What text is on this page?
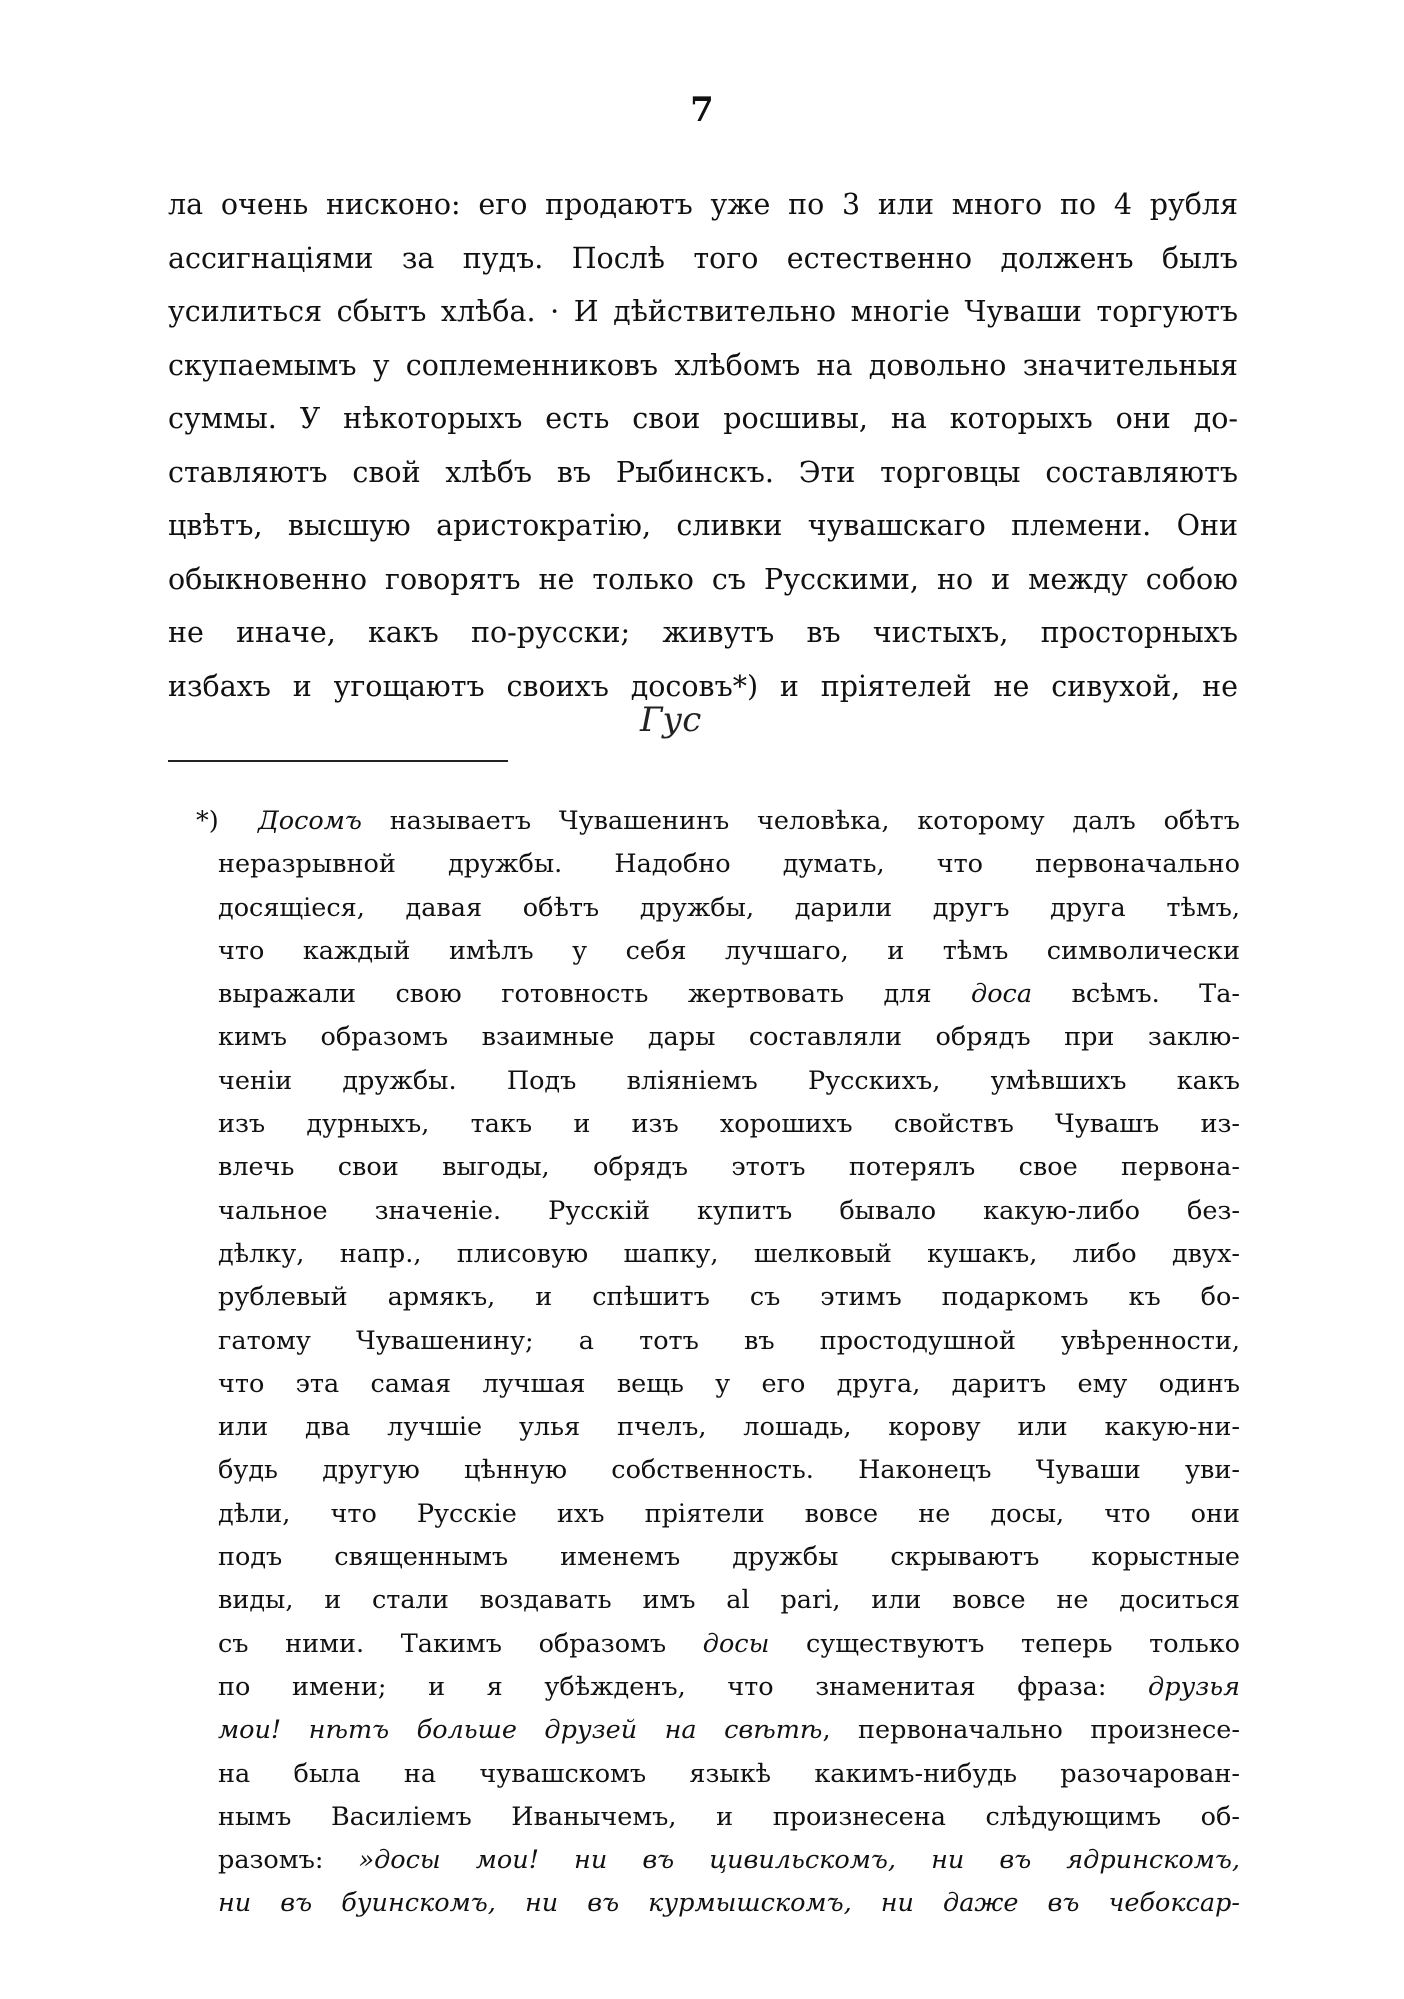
7
ла очень нисконо: его продаютъ уже по 3 или много по 4 рубля
ассигнаціями за пудъ. Послѣ того естественно долженъ былъ
усилиться сбытъ хлѣба. · И дѣйствительно многіе Чуваши торгуютъ
скупаемымъ у соплеменниковъ хлѣбомъ на довольно значительныя
суммы. У нѣкоторыхъ есть свои росшивы, на которыхъ они до-
ставляютъ свой хлѣбъ въ Рыбинскъ. Эти торговцы составляютъ
цвѣтъ, высшую аристократію, сливки чувашскаго племени. Они
обыкновенно говорятъ не только съ Русскими, но и между собою
не иначе, какъ по-русски; живутъ въ чистыхъ, просторныхъ
избахъ и угощаютъ своихъ досовъ*) и пріятелей не сивухой, не
Гус
*) Досомъ называетъ Чувашенинъ человѣка, которому далъ обѣтъ
неразрывной дружбы. Надобно думать, что первоначально
досящіеся, давая обѣтъ дружбы, дарили другъ друга тѣмъ,
что каждый имѣлъ у себя лучшаго, и тѣмъ символически
выражали свою готовность жертвовать для доса всѣмъ. Та-
кимъ образомъ взаимные дары составляли обрядъ при заклю-
ченіи дружбы. Подъ вліяніемъ Русскихъ, умѣвшихъ какъ
изъ дурныхъ, такъ и изъ хорошихъ свойствъ Чувашъ из-
влечь свои выгоды, обрядъ этотъ потерялъ свое первона-
чальное значеніе. Русскій купитъ бывало какую-либо без-
дѣлку, напр., плисовую шапку, шелковый кушакъ, либо двух-
рублевый армякъ, и спѣшитъ съ этимъ подаркомъ къ бо-
гатому Чувашенину; а тотъ въ простодушной увѣренности,
что эта самая лучшая вещь у его друга, даритъ ему одинъ
или два лучшіе улья пчелъ, лошадь, корову или какую-ни-
будь другую цѣнную собственность. Наконецъ Чуваши уви-
дѣли, что Русскіе ихъ пріятели вовсе не досы, что они
подъ священнымъ именемъ дружбы скрываютъ корыстные
виды, и стали воздавать имъ al pari, или вовсе не доситься
съ ними. Такимъ образомъ досы существуютъ теперь только
по имени; и я убѣжденъ, что знаменитая фраза: друзья
мои! нѣтъ больше друзей на свѣтѣ, первоначально произнесе-
на была на чувашскомъ языкѣ какимъ-нибудь разочарован-
нымъ Василіемъ Иванычемъ, и произнесена слѣдующимъ об-
разомъ: »досы мои! ни въ цивильскомъ, ни въ ядринскомъ,
ни въ буинскомъ, ни въ курмышскомъ, ни даже въ чебоксар-
